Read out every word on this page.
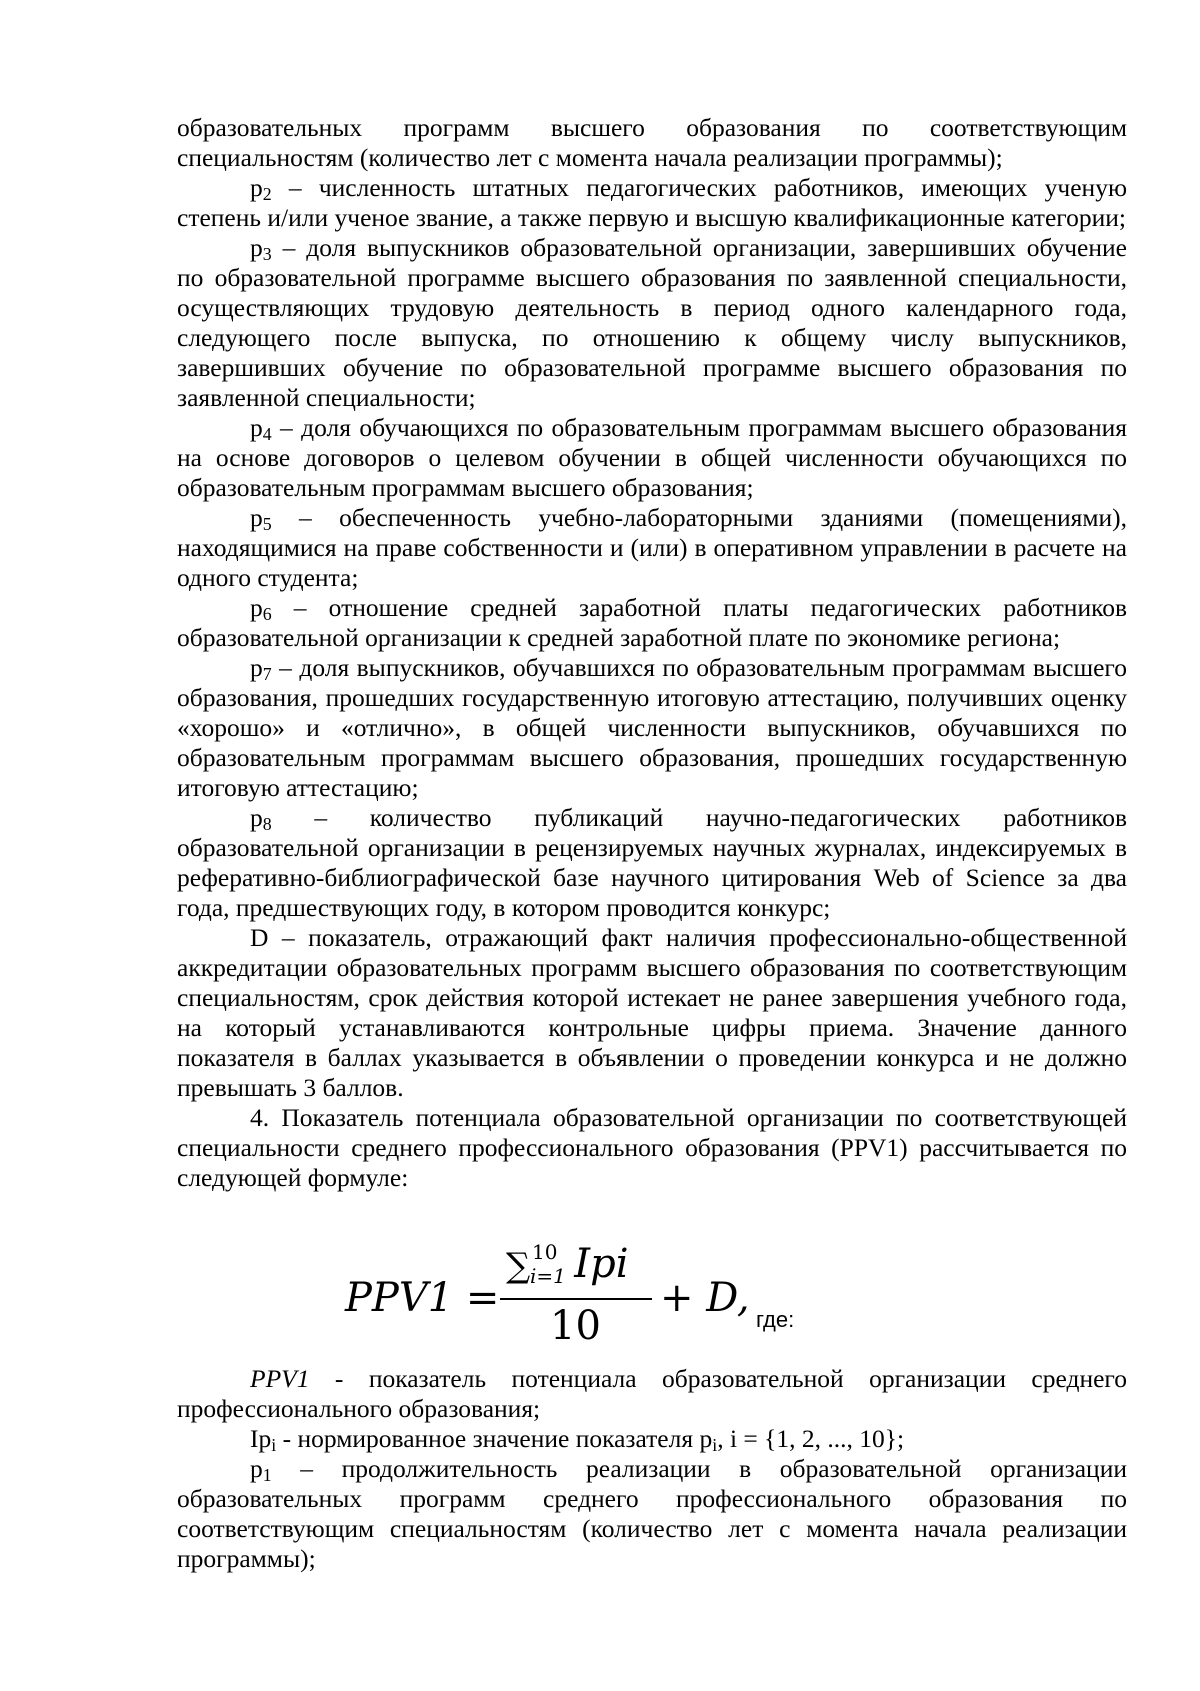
образовательных программ высшего образования по соответствующим специальностям (количество лет с момента начала реализации программы);

$p_2$ – численность штатных педагогических работников, имеющих ученую степень и/или ученое звание, а также первую и высшую квалификационные категории;

$p_3$ – доля выпускников образовательной организации, завершивших обучение по образовательной программе высшего образования по заявленной специальности, осуществляющих трудовую деятельность в период одного календарного года, следующего после выпуска, по отношению к общему числу выпускников, завершивших обучение по образовательной программе высшего образования по заявленной специальности;

$p_4$ – доля обучающихся по образовательным программам высшего образования на основе договоров о целевом обучении в общей численности обучающихся по образовательным программам высшего образования;

$p_5$ – обеспеченность учебно-лабораторными зданиями (помещениями), находящимися на праве собственности и (или) в оперативном управлении в расчете на одного студента;

$p_6$ – отношение средней заработной платы педагогических работников образовательной организации к средней заработной плате по экономике региона;

$p_7$ – доля выпускников, обучавшихся по образовательным программам высшего образования, прошедших государственную итоговую аттестацию, получивших оценку «хорошо» и «отлично», в общей численности выпускников, обучавшихся по образовательным программам высшего образования, прошедших государственную итоговую аттестацию;

$p_8$ – количество публикаций научно-педагогических работников образовательной организации в рецензируемых научных журналах, индексируемых в реферативно-библиографической базе научного цитирования Web of Science за два года, предшествующих году, в котором проводится конкурс;

D – показатель, отражающий факт наличия профессионально-общественной аккредитации образовательных программ высшего образования по соответствующим специальностям, срок действия которой истекает не ранее завершения учебного года, на который устанавливаются контрольные цифры приема. Значение данного показателя в баллах указывается в объявлении о проведении конкурса и не должно превышать 3 баллов.

4. Показатель потенциала образовательной организации по соответствующей специальности среднего профессионального образования (PPV1) рассчитывается по следующей формуле:

PPV1 =
∑ Ipi
10
i=1
10
+ D, где:

PPV1 - показатель потенциала образовательной организации среднего профессионального образования;

$Ip_i$ - нормированное значение показателя $p_i$, i = {1, 2, ..., 10};

$p_1$ – продолжительность реализации в образовательной организации образовательных программ среднего профессионального образования по соответствующим специальностям (количество лет с момента начала реализации программы);
